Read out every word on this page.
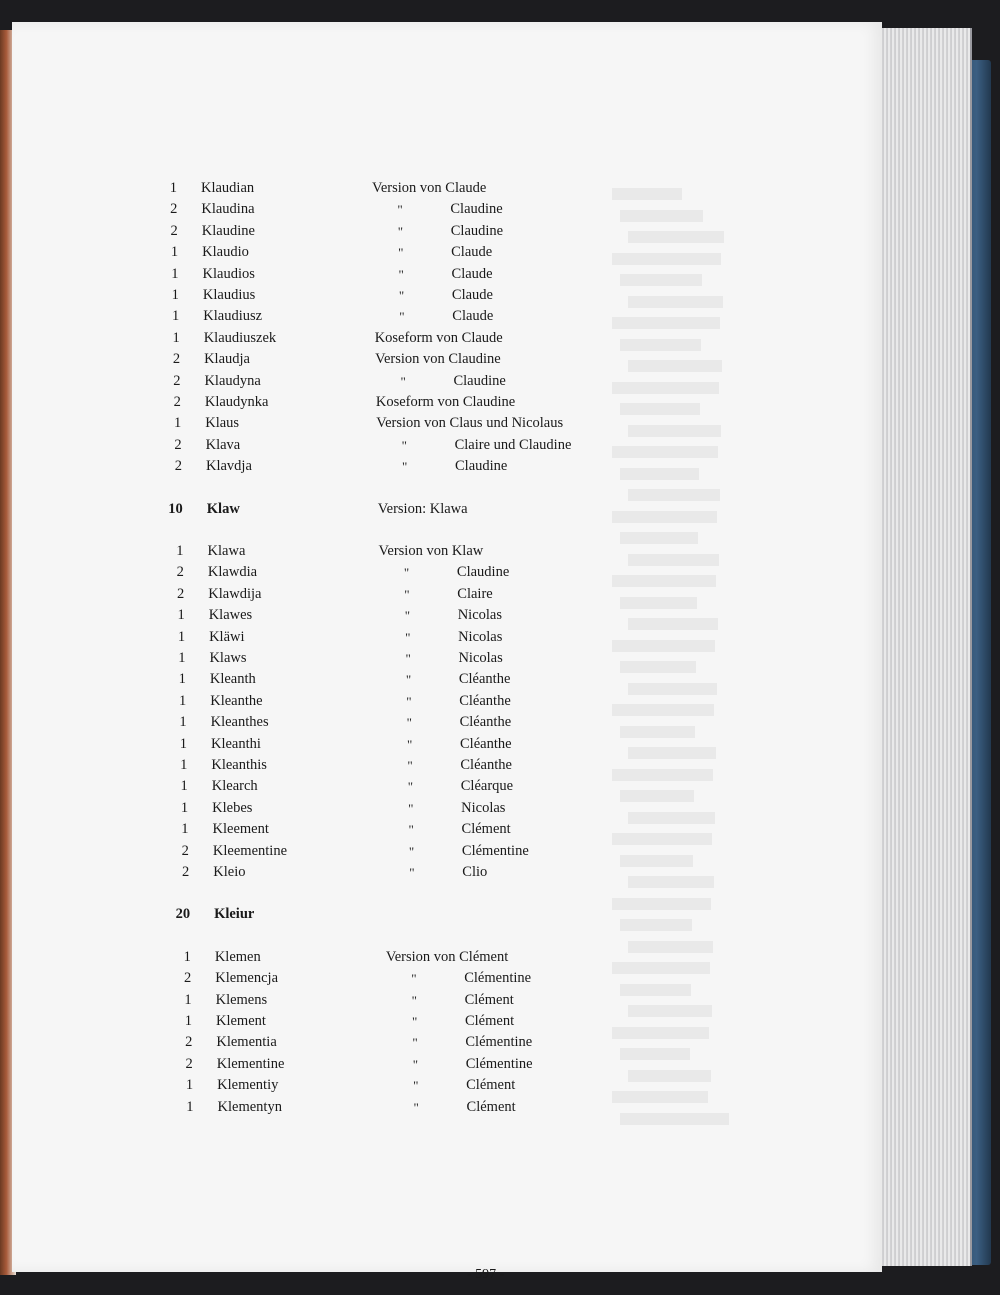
1 Klaudian	Version von Claude
2 Klaudina	"	Claudine
2 Klaudine	"	Claudine
1 Klaudio	"	Claude
1 Klaudios	"	Claude
1 Klaudius	"	Claude
1 Klaudiusz	"	Claude
1 Klaudiuszek	Koseform von Claude
2 Klaudja	Version von Claudine
2 Klaudyna	"	Claudine
2 Klaudynka	Koseform von Claudine
1 Klaus	Version von Claus und Nicolaus
2 Klava	"	Claire und Claudine
2 Klavdja	"	Claudine
10 Klaw	Version: Klawa
1 Klawa	Version von Klaw
2 Klawdia	"	Claudine
2 Klawdija	"	Claire
1 Klawes	"	Nicolas
1 Kläwi	"	Nicolas
1 Klaws	"	Nicolas
1 Kleanth	"	Cléanthe
1 Kleanthe	"	Cléanthe
1 Kleanthes	"	Cléanthe
1 Kleanthi	"	Cléanthe
1 Kleanthis	"	Cléanthe
1 Klearch	"	Cléarque
1 Klebes	"	Nicolas
1 Kleement	"	Clément
2 Kleementine	"	Clémentine
2 Kleio	"	Clio
20 Kleiur
1 Klemen	Version von Clément
2 Klemencja	"	Clémentine
1 Klemens	"	Clément
1 Klement	"	Clément
2 Klementia	"	Clémentine
2 Klementine	"	Clémentine
1 Klementiy	"	Clément
1 Klementyn	"	Clément
- 597 -
